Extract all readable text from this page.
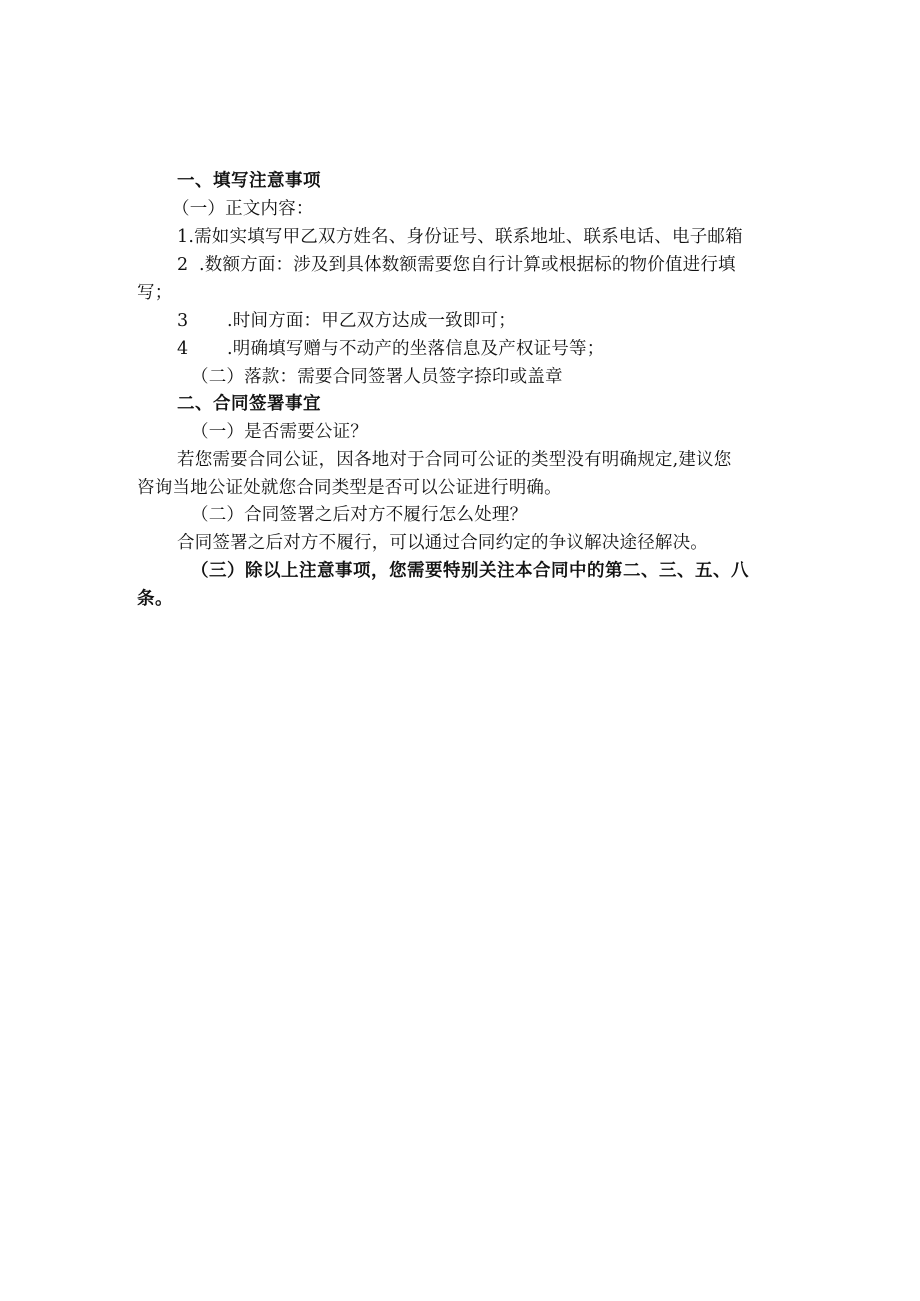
一、填写注意事项
（一）正文内容：
1.需如实填写甲乙双方姓名、身份证号、联系地址、联系电话、电子邮箱
2 .数额方面：涉及到具体数额需要您自行计算或根据标的物价值进行填
写；
3 .时间方面：甲乙双方达成一致即可；
4 .明确填写赠与不动产的坐落信息及产权证号等；
（二）落款：需要合同签署人员签字捺印或盖章
二、合同签署事宜
（一）是否需要公证？
若您需要合同公证，因各地对于合同可公证的类型没有明确规定,建议您
咨询当地公证处就您合同类型是否可以公证进行明确。
（二）合同签署之后对方不履行怎么处理？
合同签署之后对方不履行，可以通过合同约定的争议解决途径解决。
（三）除以上注意事项，您需要特别关注本合同中的第二、三、五、八
条。
